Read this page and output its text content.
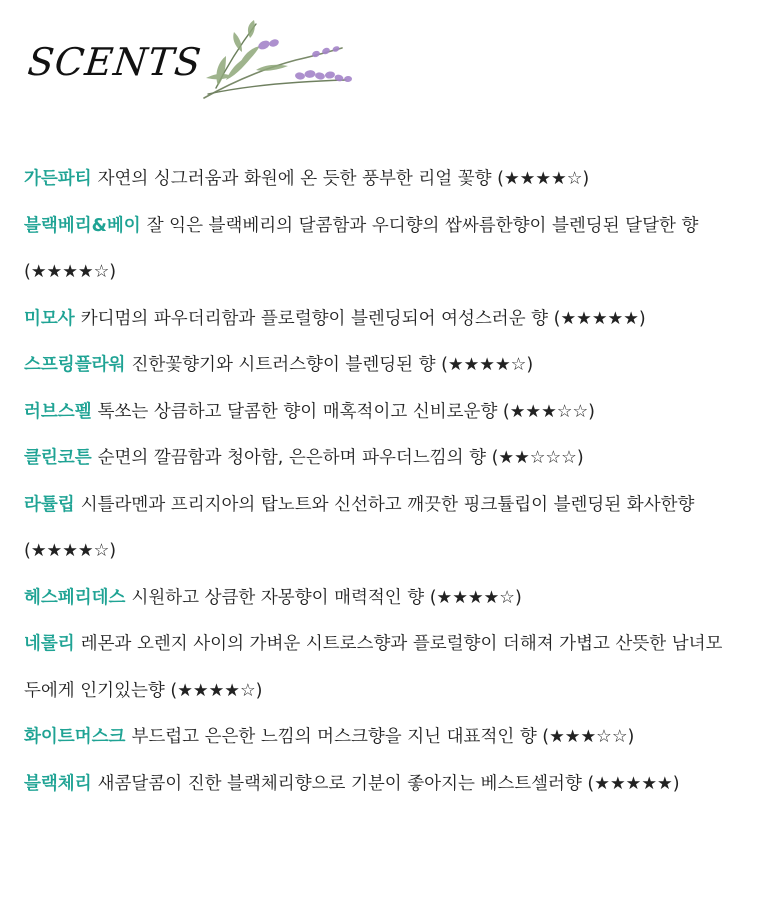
SCENTS
가든파티 자연의 싱그러움과 화원에 온 듯한 풍부한 리얼 꽃향 (★★★★☆)
블랙베리&베이 잘 익은 블랙베리의 달콤함과 우디향의 쌉싸름한향이 블렌딩된 달달한 향 (★★★★☆)
미모사 카디멈의 파우더리함과 플로럴향이 블렌딩되어 여성스러운 향 (★★★★★)
스프링플라워 진한꽃향기와 시트러스향이 블렌딩된 향 (★★★★☆)
러브스펠 톡쏘는 상큼하고 달콤한 향이 매혹적이고 신비로운향 (★★★☆☆)
클린코튼 순면의 깔끔함과 청아함, 은은하며 파우더느낌의 향 (★★☆☆☆)
라튤립 시틀라멘과 프리지아의 탑노트와 신선하고 깨끗한 핑크튤립이 블렌딩된 화사한향 (★★★★☆)
헤스페리데스 시원하고 상큼한 자몽향이 매력적인 향 (★★★★☆)
네롤리 레몬과 오렌지 사이의 가벼운 시트로스향과 플로럴향이 더해져 가볍고 산뜻한 남녀모두에게 인기있는향 (★★★★☆)
화이트머스크 부드럽고 은은한 느낌의 머스크향을 지닌 대표적인 향 (★★★☆☆)
블랙체리 새콤달콤이 진한 블랙체리향으로 기분이 좋아지는 베스트셀러향 (★★★★★)
